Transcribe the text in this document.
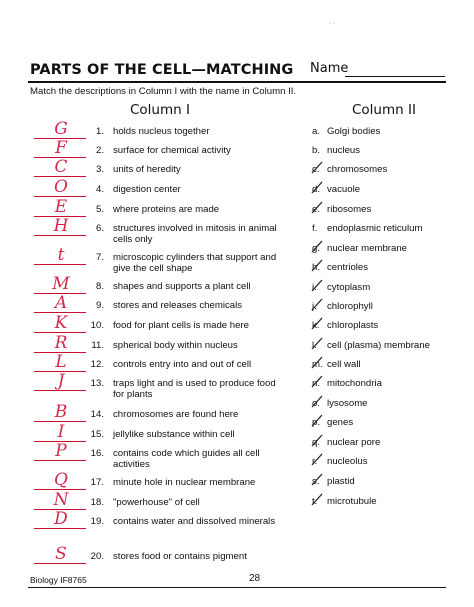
· ·
PARTS OF THE CELL—MATCHING Name
Match the descriptions in Column I with the name in Column II.
Column I	Column II
G	1. holds nucleus together
F	2. surface for chemical activity
C	3. units of heredity
O	4. digestion center
E	5. where proteins are made
H	6. structures involved in mitosis in animal cells only
t	7. microscopic cylinders that support and give the cell shape
M	8. shapes and supports a plant cell
A	9. stores and releases chemicals
K	10. food for plant cells is made here
R	11. spherical body within nucleus
L	12. controls entry into and out of cell
J	13. traps light and is used to produce food for plants
B	14. chromosomes are found here
I	15. jellylike substance within cell
P	16. contains code which guides all cell activities
Q	17. minute hole in nuclear membrane
N	18. "powerhouse" of cell
D	19. contains water and dissolved minerals
S	20. stores food or contains pigment
a. Golgi bodies
b. nucleus
c. chromosomes
d. vacuole
e. ribosomes
f. endoplasmic reticulum
g. nuclear membrane
h. centrioles
i. cytoplasm
j. chlorophyll
k. chloroplasts
l. cell (plasma) membrane
m. cell wall
n. mitochondria
o. lysosome
p. genes
q. nuclear pore
r. nucleolus
s. plastid
t. microtubule
Biology IF8765	28
